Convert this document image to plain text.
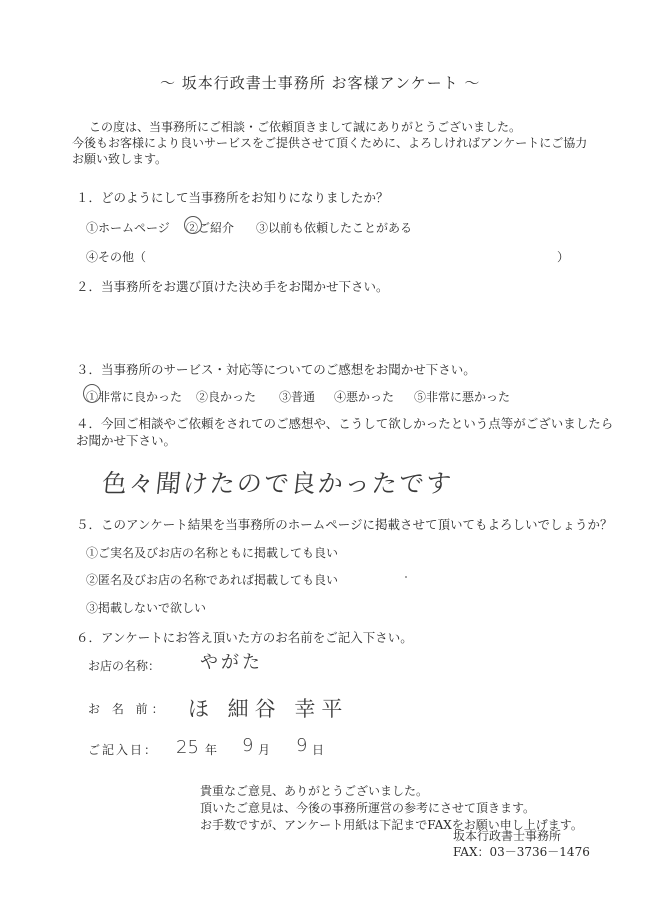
～ 坂本行政書士事務所 お客様アンケート ～
この度は、当事務所にご相談・ご依頼頂きまして誠にありがとうございました。
今後もお客様により良いサービスをご提供させて頂くために、よろしければアンケートにご協力
お願い致します。
１．どのようにして当事務所をお知りになりましたか？
①ホームページ ②ご紹介 ③以前も依頼したことがある
④その他（	）
２．当事務所をお選び頂けた決め手をお聞かせ下さい。
３．当事務所のサービス・対応等についてのご感想をお聞かせ下さい。
①非常に良かった ②良かった ③普通 ④悪かった ⑤非常に悪かった
４．今回ご相談やご依頼をされてのご感想や、こうして欲しかったという点等がございましたら
お聞かせ下さい。
色々聞けたので良かったです
５．このアンケート結果を当事務所のホームページに掲載させて頂いてもよろしいでしょうか？
①ご実名及びお店の名称ともに掲載しても良い
②匿名及びお店の名称であれば掲載しても良い
③掲載しないで欲しい
６．アンケートにお答え頂いた方のお名前をご記入下さい。
お店の名称： やがた
お 名 前： ほ 細谷 幸平
ご記入日： 25 年 9 月 9 日
貴重なご意見、ありがとうございました。
頂いたご意見は、今後の事務所運営の参考にさせて頂きます。
お手数ですが、アンケート用紙は下記までFAXをお願い申し上げます。
坂本行政書士事務所
FAX：03－3736－1476
